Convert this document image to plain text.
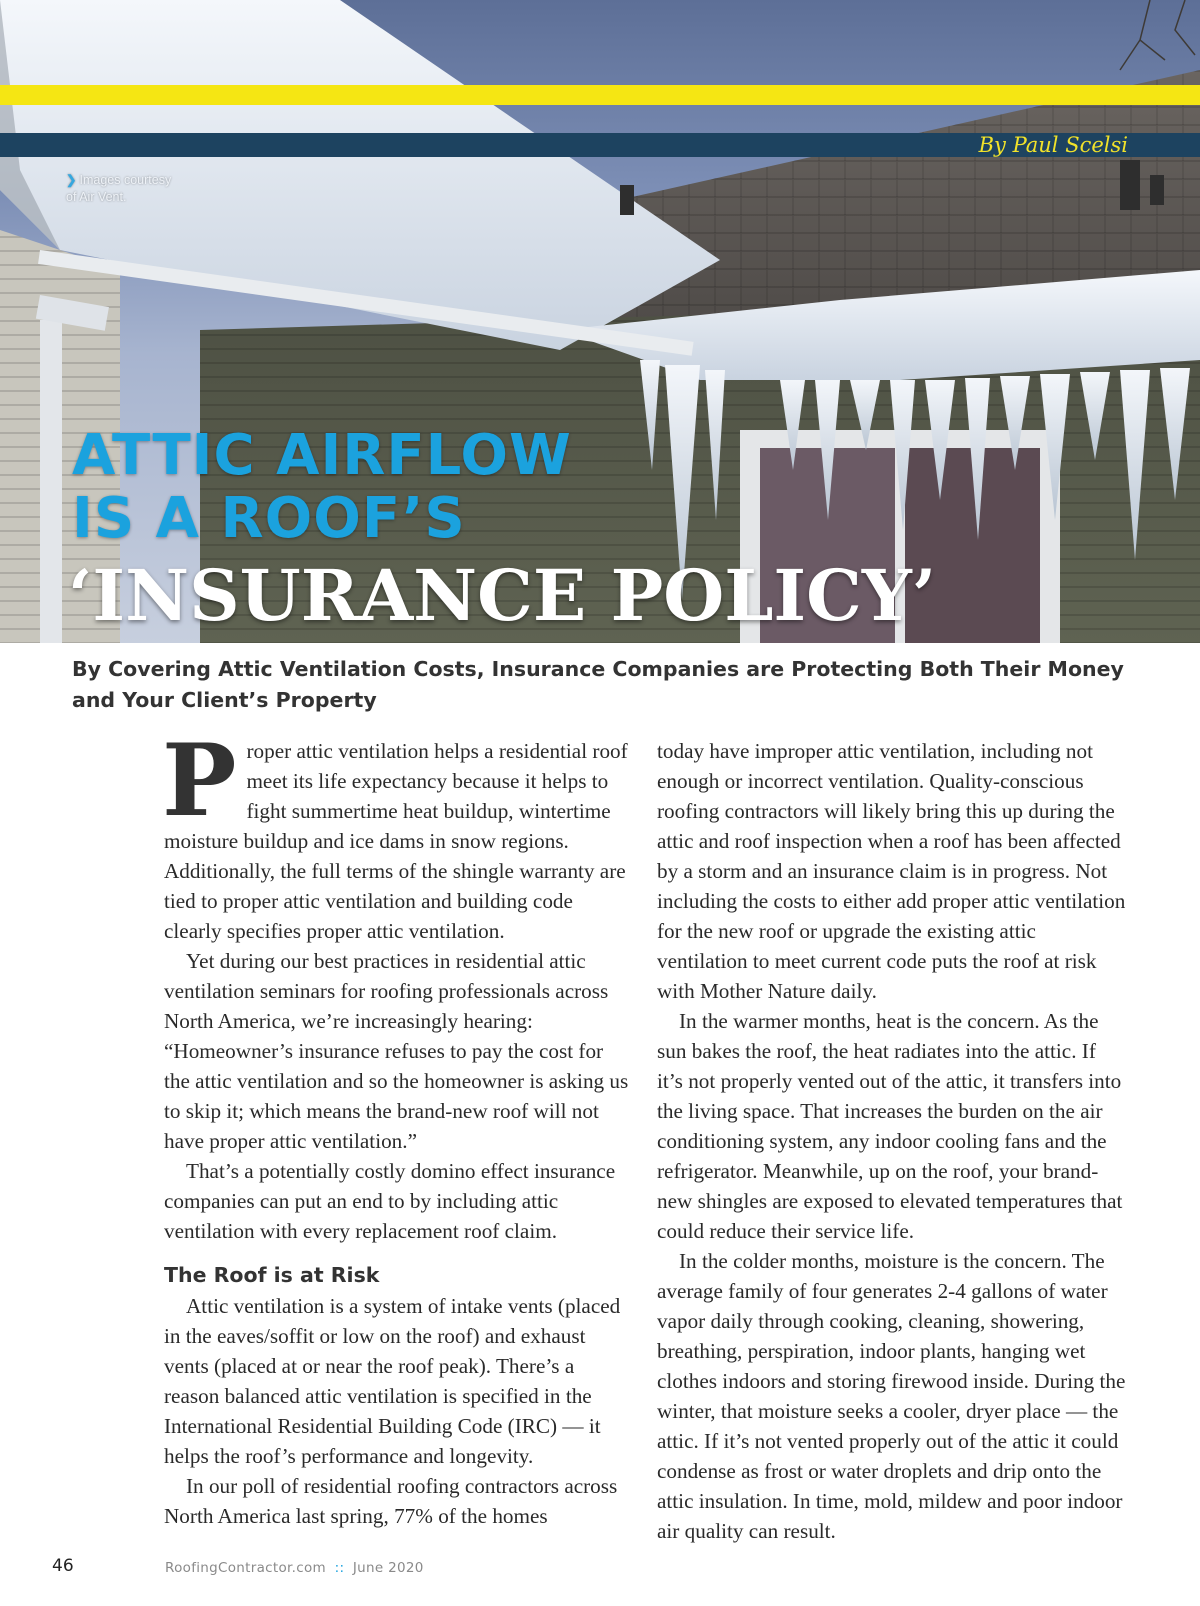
By Paul Scelsi
❯ Images courtesy
of Air Vent.
ATTIC AIRFLOW
IS A ROOF’S
‘INSURANCE POLICY’
By Covering Attic Ventilation Costs, Insurance Companies are Protecting Both Their Money and Your Client’s Property

Proper attic ventilation helps a residential roof meet its life expectancy because it helps to fight summertime heat buildup, wintertime moisture buildup and ice dams in snow regions. Additionally, the full terms of the shingle warranty are tied to proper attic ventilation and building code clearly specifies proper attic ventilation.

Yet during our best practices in residential attic ventilation seminars for roofing professionals across North America, we’re increasingly hearing: “Homeowner’s insurance refuses to pay the cost for the attic ventilation and so the homeowner is asking us to skip it; which means the brand-new roof will not have proper attic ventilation.”

That’s a potentially costly domino effect insurance companies can put an end to by including attic ventilation with every replacement roof claim.

The Roof is at Risk

Attic ventilation is a system of intake vents (placed in the eaves/soffit or low on the roof) and exhaust vents (placed at or near the roof peak). There’s a reason balanced attic ventilation is specified in the International Residential Building Code (IRC) — it helps the roof’s performance and longevity.

In our poll of residential roofing contractors across North America last spring, 77% of the homes

today have improper attic ventilation, including not enough or incorrect ventilation. Quality-conscious roofing contractors will likely bring this up during the attic and roof inspection when a roof has been affected by a storm and an insurance claim is in progress. Not including the costs to either add proper attic ventilation for the new roof or upgrade the existing attic ventilation to meet current code puts the roof at risk with Mother Nature daily.

In the warmer months, heat is the concern. As the sun bakes the roof, the heat radiates into the attic. If it’s not properly vented out of the attic, it transfers into the living space. That increases the burden on the air conditioning system, any indoor cooling fans and the refrigerator. Meanwhile, up on the roof, your brand-new shingles are exposed to elevated temperatures that could reduce their service life.

In the colder months, moisture is the concern. The average family of four generates 2-4 gallons of water vapor daily through cooking, cleaning, showering, breathing, perspiration, indoor plants, hanging wet clothes indoors and storing firewood inside. During the winter, that moisture seeks a cooler, dryer place — the attic. If it’s not vented properly out of the attic it could condense as frost or water droplets and drip onto the attic insulation. In time, mold, mildew and poor indoor air quality can result.

46	RoofingContractor.com :: June 2020
